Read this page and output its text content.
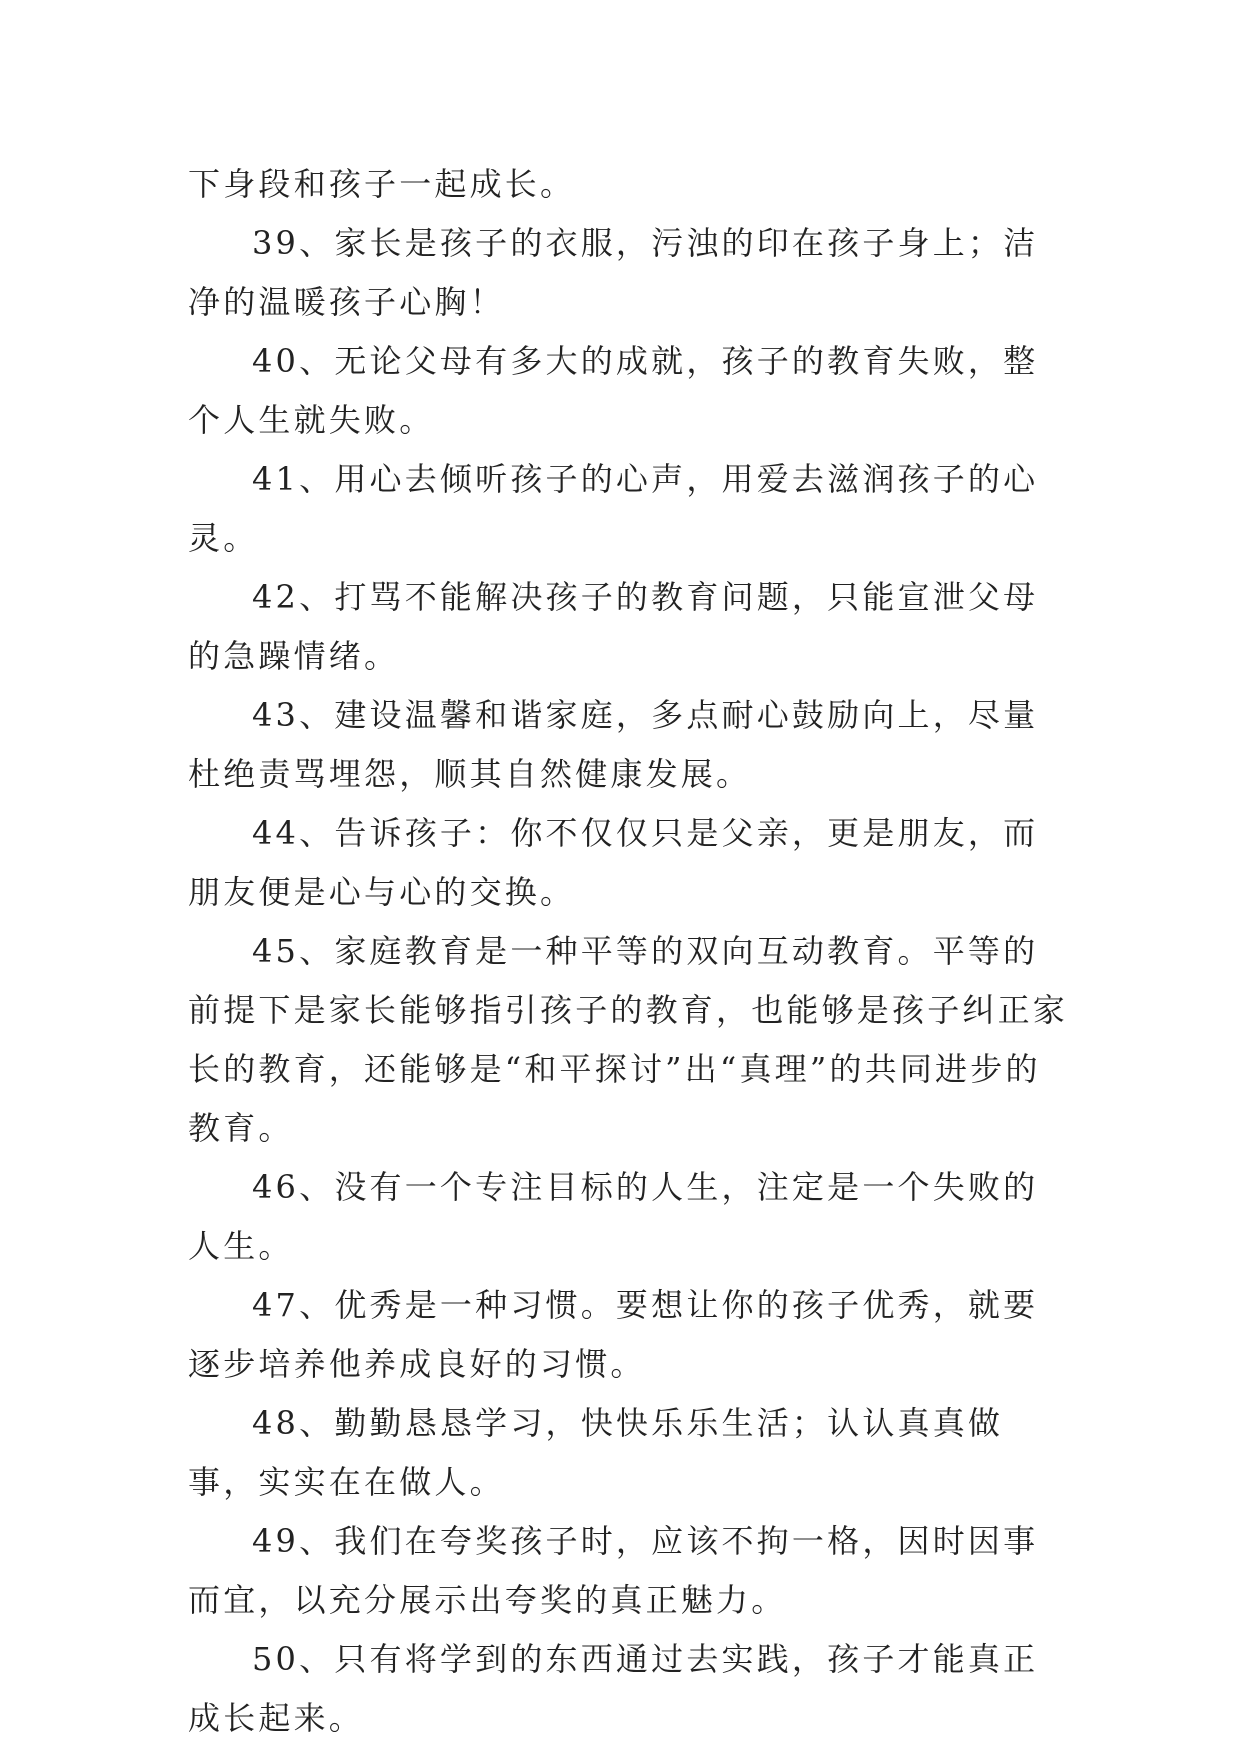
下身段和孩子一起成长。

39、家长是孩子的衣服，污浊的印在孩子身上；洁净的温暖孩子心胸！

40、无论父母有多大的成就，孩子的教育失败，整个人生就失败。

41、用心去倾听孩子的心声，用爱去滋润孩子的心灵。

42、打骂不能解决孩子的教育问题，只能宣泄父母的急躁情绪。

43、建设温馨和谐家庭，多点耐心鼓励向上，尽量杜绝责骂埋怨，顺其自然健康发展。

44、告诉孩子：你不仅仅只是父亲，更是朋友，而朋友便是心与心的交换。

45、家庭教育是一种平等的双向互动教育。平等的前提下是家长能够指引孩子的教育，也能够是孩子纠正家长的教育，还能够是“和平探讨”出“真理”的共同进步的教育。

46、没有一个专注目标的人生，注定是一个失败的人生。

47、优秀是一种习惯。要想让你的孩子优秀，就要逐步培养他养成良好的习惯。

48、勤勤恳恳学习，快快乐乐生活；认认真真做事，实实在在做人。

49、我们在夸奖孩子时，应该不拘一格，因时因事而宜，以充分展示出夸奖的真正魅力。

50、只有将学到的东西通过去实践，孩子才能真正成长起来。
